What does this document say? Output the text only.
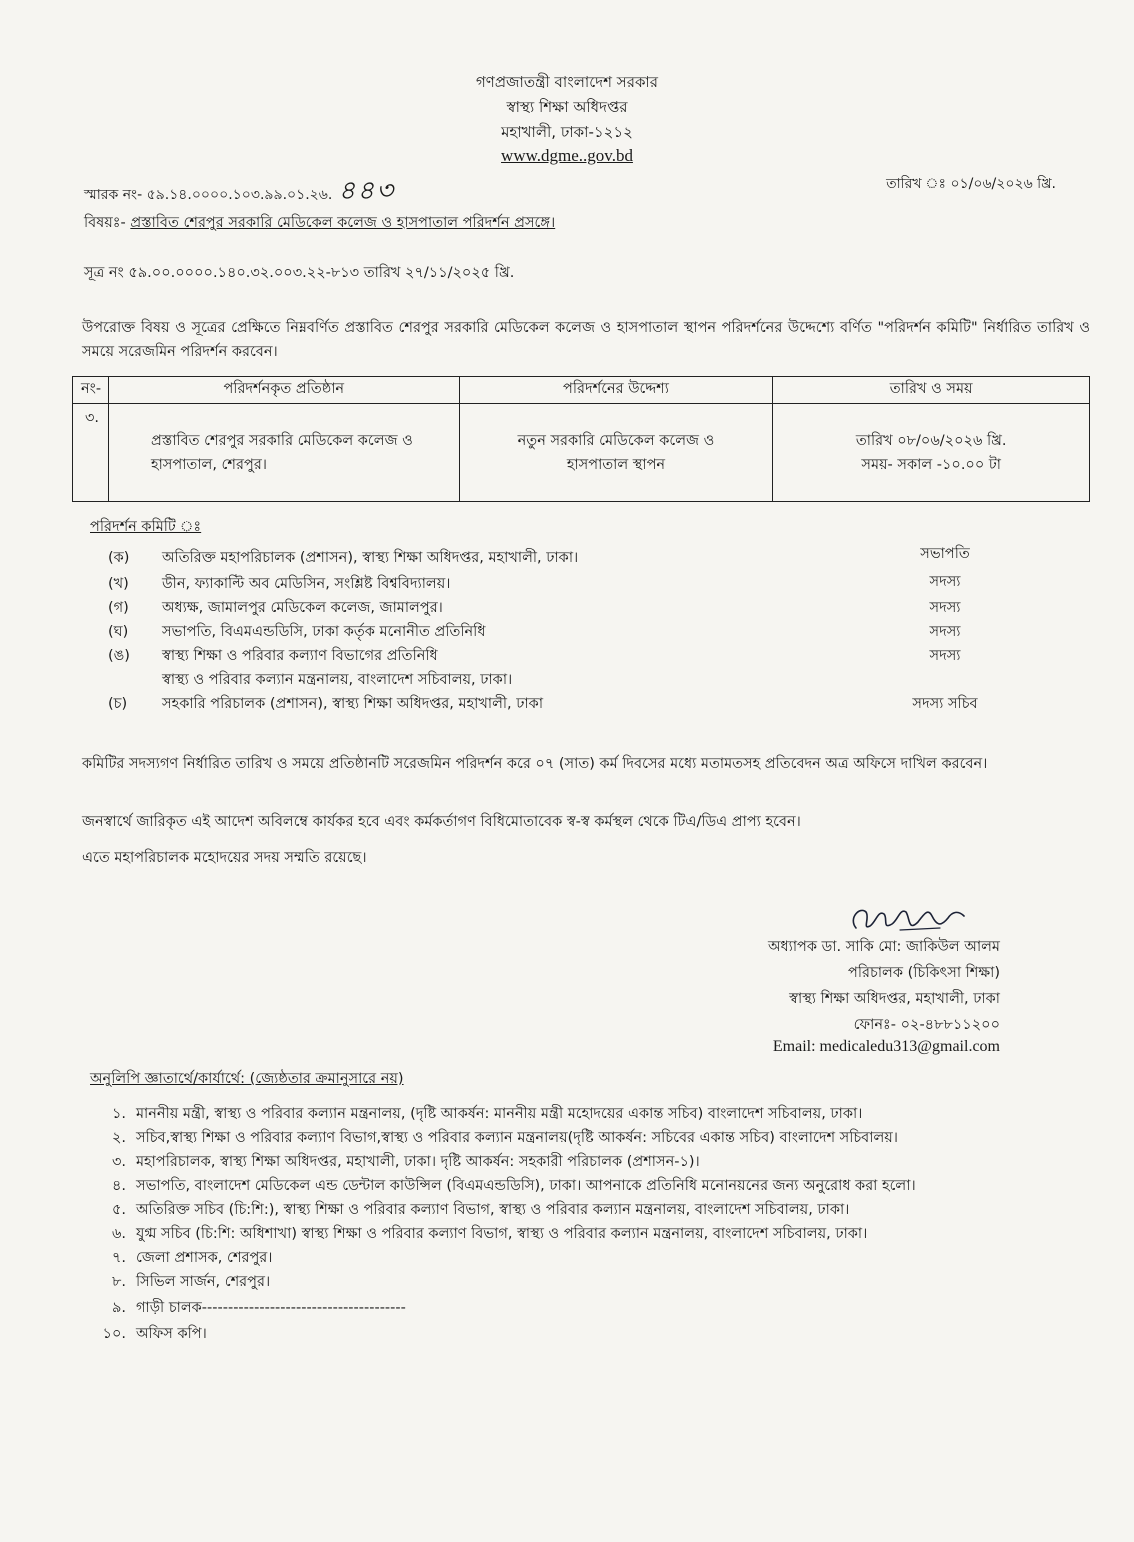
গণপ্রজাতন্ত্রী বাংলাদেশ সরকার
স্বাস্থ্য শিক্ষা অধিদপ্তর
মহাখালী, ঢাকা-১২১২
www.dgme..gov.bd
স্মারক নং- ৫৯.১৪.০০০০.১০৩.৯৯.০১.২৬. ৪৪৩	তারিখ ঃ ০১/০৬/২০২৬ খ্রি.
বিষয়ঃ- প্রস্তাবিত শেরপুর সরকারি মেডিকেল কলেজ ও হাসপাতাল পরিদর্শন প্রসঙ্গে।
সূত্র নং ৫৯.০০.০০০০.১৪০.৩২.০০৩.২২-৮১৩ তারিখ ২৭/১১/২০২৫ খ্রি.
উপরোক্ত বিষয় ও সূত্রের প্রেক্ষিতে নিম্নবর্ণিত প্রস্তাবিত শেরপুর সরকারি মেডিকেল কলেজ ও হাসপাতাল স্থাপন পরিদর্শনের উদ্দেশ্যে বর্ণিত "পরিদর্শন কমিটি" নির্ধারিত তারিখ ও সময়ে সরেজমিন পরিদর্শন করবেন।
নং-	পরিদর্শনকৃত প্রতিষ্ঠান	পরিদর্শনের উদ্দেশ্য	তারিখ ও সময়
৩.	প্রস্তাবিত শেরপুর সরকারি মেডিকেল কলেজ ও হাসপাতাল, শেরপুর।	নতুন সরকারি মেডিকেল কলেজ ও হাসপাতাল স্থাপন	তারিখ ০৮/০৬/২০২৬ খ্রি.
সময়- সকাল -১০.০০ টা
পরিদর্শন কমিটি ঃ
(ক) অতিরিক্ত মহাপরিচালক (প্রশাসন), স্বাস্থ্য শিক্ষা অধিদপ্তর, মহাখালী, ঢাকা।	সভাপতি
(খ) ডীন, ফ্যাকাল্টি অব মেডিসিন, সংশ্লিষ্ট বিশ্ববিদ্যালয়।	সদস্য
(গ) অধ্যক্ষ, জামালপুর মেডিকেল কলেজ, জামালপুর।	সদস্য
(ঘ) সভাপতি, বিএমএন্ডডিসি, ঢাকা কর্তৃক মনোনীত প্রতিনিধি	সদস্য
(ঙ) স্বাস্থ্য শিক্ষা ও পরিবার কল্যাণ বিভাগের প্রতিনিধি	সদস্য
স্বাস্থ্য ও পরিবার কল্যান মন্ত্রনালয়, বাংলাদেশ সচিবালয়, ঢাকা।
(চ) সহকারি পরিচালক (প্রশাসন), স্বাস্থ্য শিক্ষা অধিদপ্তর, মহাখালী, ঢাকা	সদস্য সচিব
কমিটির সদস্যগণ নির্ধারিত তারিখ ও সময়ে প্রতিষ্ঠানটি সরেজমিন পরিদর্শন করে ০৭ (সাত) কর্ম দিবসের মধ্যে মতামতসহ প্রতিবেদন অত্র অফিসে দাখিল করবেন।
জনস্বার্থে জারিকৃত এই আদেশ অবিলম্বে কার্যকর হবে এবং কর্মকর্তাগণ বিধিমোতাবেক স্ব-স্ব কর্মস্থল থেকে টিএ/ডিএ প্রাপ্য হবেন।
এতে মহাপরিচালক মহোদয়ের সদয় সম্মতি রয়েছে।
অধ্যাপক ডা. সাকি মো: জাকিউল আলম
পরিচালক (চিকিৎসা শিক্ষা)
স্বাস্থ্য শিক্ষা অধিদপ্তর, মহাখালী, ঢাকা
ফোনঃ- ০২-৪৮৮১১২০০
Email: medicaledu313@gmail.com
অনুলিপি জ্ঞাতার্থে/কার্যার্থে: (জ্যেষ্ঠতার ক্রমানুসারে নয়)
১. মাননীয় মন্ত্রী, স্বাস্থ্য ও পরিবার কল্যান মন্ত্রনালয়, (দৃষ্টি আকর্ষন: মাননীয় মন্ত্রী মহোদয়ের একান্ত সচিব) বাংলাদেশ সচিবালয়, ঢাকা।
২. সচিব,স্বাস্থ্য শিক্ষা ও পরিবার কল্যাণ বিভাগ,স্বাস্থ্য ও পরিবার কল্যান মন্ত্রনালয়(দৃষ্টি আকর্ষন: সচিবের একান্ত সচিব) বাংলাদেশ সচিবালয়।
৩. মহাপরিচালক, স্বাস্থ্য শিক্ষা অধিদপ্তর, মহাখালী, ঢাকা। দৃষ্টি আকর্ষন: সহকারী পরিচালক (প্রশাসন-১)।
৪. সভাপতি, বাংলাদেশ মেডিকেল এন্ড ডেন্টাল কাউন্সিল (বিএমএন্ডডিসি), ঢাকা। আপনাকে প্রতিনিধি মনোনয়নের জন্য অনুরোধ করা হলো।
৫. অতিরিক্ত সচিব (চি:শি:), স্বাস্থ্য শিক্ষা ও পরিবার কল্যাণ বিভাগ, স্বাস্থ্য ও পরিবার কল্যান মন্ত্রনালয়, বাংলাদেশ সচিবালয়, ঢাকা।
৬. যুগ্ম সচিব (চি:শি: অধিশাখা) স্বাস্থ্য শিক্ষা ও পরিবার কল্যাণ বিভাগ, স্বাস্থ্য ও পরিবার কল্যান মন্ত্রনালয়, বাংলাদেশ সচিবালয়, ঢাকা।
৭. জেলা প্রশাসক, শেরপুর।
৮. সিভিল সার্জন, শেরপুর।
৯. গাড়ী চালক---------------------------------------
১০. অফিস কপি।
